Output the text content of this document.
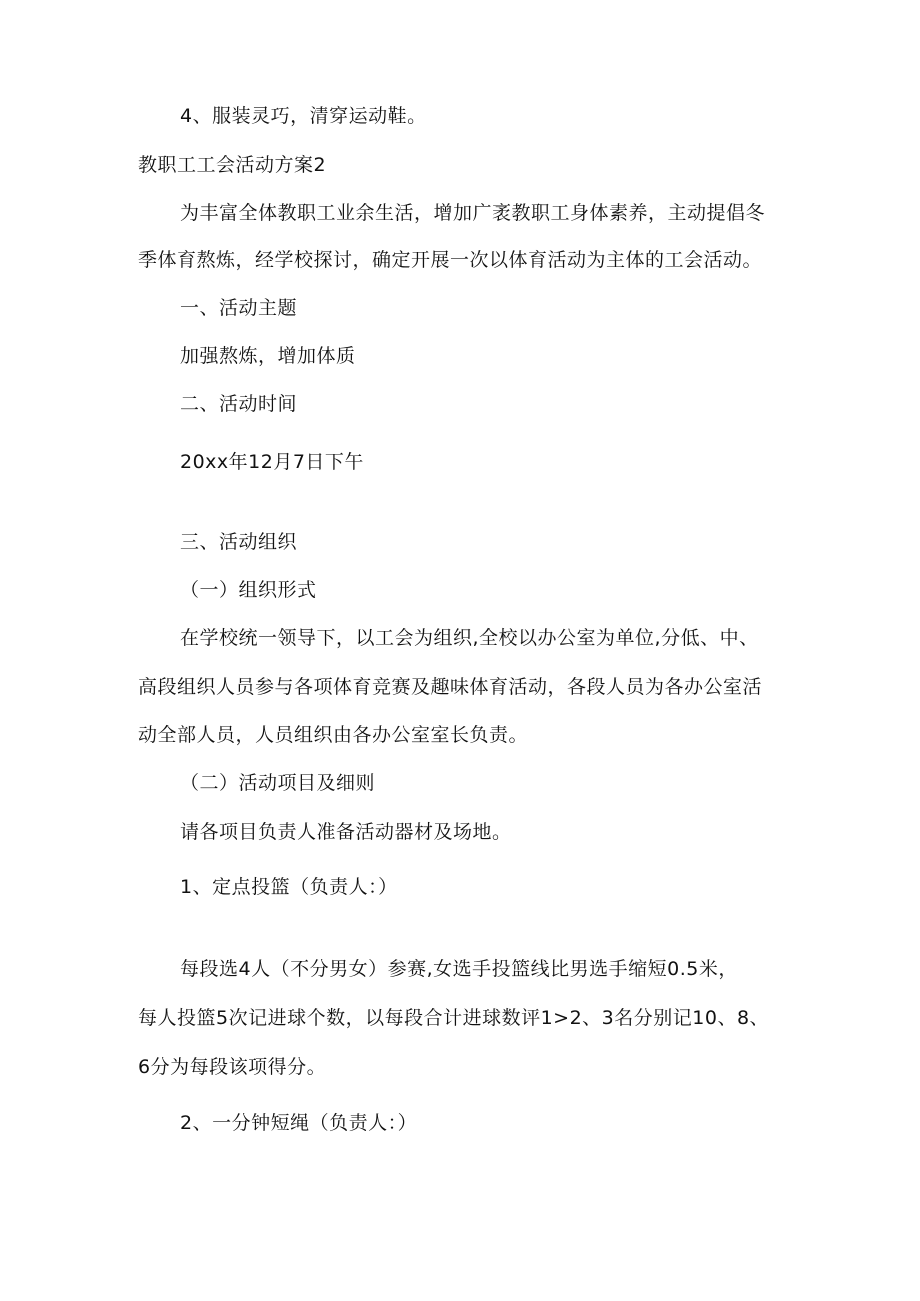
4、服装灵巧，清穿运动鞋。
教职工工会活动方案2
为丰富全体教职工业余生活，增加广袤教职工身体素养，主动提倡冬
季体育熬炼，经学校探讨，确定开展一次以体育活动为主体的工会活动。
一、活动主题
加强熬炼，增加体质
二、活动时间
20xx年12月7日下午
三、活动组织
（一）组织形式
在学校统一领导下，以工会为组织,全校以办公室为单位,分低、中、
高段组织人员参与各项体育竞赛及趣味体育活动，各段人员为各办公室活
动全部人员，人员组织由各办公室室长负责。
（二）活动项目及细则
请各项目负责人准备活动器材及场地。
1、定点投篮（负责人：）
每段选4人（不分男女）参赛,女选手投篮线比男选手缩短0.5米，
每人投篮5次记进球个数，以每段合计进球数评1>2、3名分别记10、8、
6分为每段该项得分。
2、一分钟短绳（负责人：）
